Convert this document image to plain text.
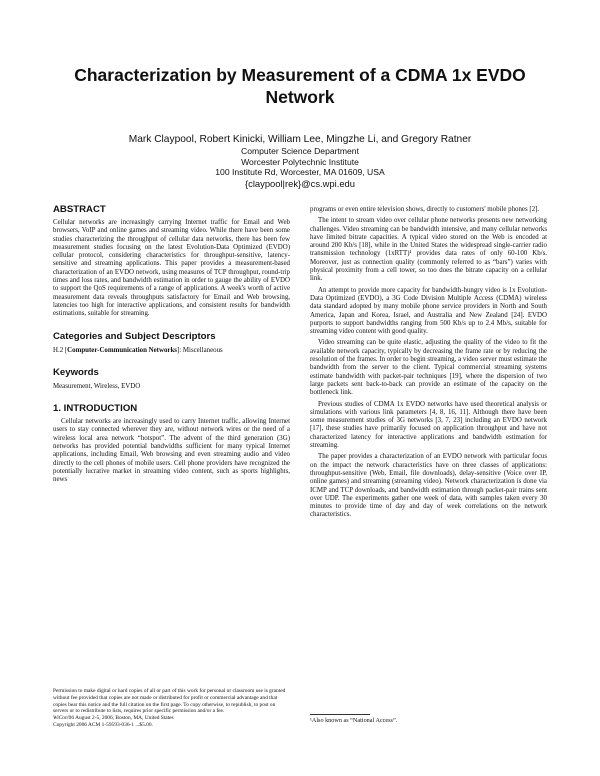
Characterization by Measurement of a CDMA 1x EVDO Network
Mark Claypool, Robert Kinicki, William Lee, Mingzhe Li, and Gregory Ratner
Computer Science Department
Worcester Polytechnic Institute
100 Institute Rd, Worcester, MA 01609, USA
{claypool|rek}@cs.wpi.edu
ABSTRACT

Cellular networks are increasingly carrying Internet traffic for Email and Web browsers, VoIP and online games and streaming video. While there have been some studies characterizing the throughput of cellular data networks, there has been few measurement studies focusing on the latest Evolution-Data Optimized (EVDO) cellular protocol, considering characteristics for throughput-sensitive, latency-sensitive and streaming applications. This paper provides a measurement-based characterization of an EVDO network, using measures of TCP throughput, round-trip times and loss rates, and bandwidth estimation in order to gauge the ability of EVDO to support the QoS requirements of a range of applications. A week's worth of active measurement data reveals throughputs satisfactory for Email and Web browsing, latencies too high for interactive applications, and consistent results for bandwidth estimations, suitable for streaming.

Categories and Subject Descriptors

H.2 [Computer-Communication Networks]: Miscellaneous

Keywords

Measurement, Wireless, EVDO

1. INTRODUCTION

Cellular networks are increasingly used to carry Internet traffic, allowing Internet users to stay connected wherever they are, without network wires or the need of a wireless local area network “hotspot”. The advent of the third generation (3G) networks has provided potential bandwidths sufficient for many typical Internet applications, including Email, Web browsing and even streaming audio and video directly to the cell phones of mobile users. Cell phone providers have recognized the potentially lucrative market in streaming video content, such as sports highlights, news

Permission to make digital or hard copies of all or part of this work for personal or classroom use is granted without fee provided that copies are not made or distributed for profit or commercial advantage and that copies bear this notice and the full citation on the first page. To copy otherwise, to republish, to post on servers or to redistribute to lists, requires prior specific permission and/or a fee.

WiCon'06 August 2-5, 2006, Boston, MA, United States

Copyright 2006 ACM 1-59593-036-1 ...$5.00.

programs or even entire television shows, directly to customers' mobile phones [2].

The intent to stream video over cellular phone networks presents new networking challenges. Video streaming can be bandwidth intensive, and many cellular networks have limited bitrate capacities. A typical video stored on the Web is encoded at around 200 Kb/s [18], while in the United States the widespread single-carrier radio transmission technology (1xRTT)¹ provides data rates of only 60-100 Kb/s. Moreover, just as connection quality (commonly referred to as “bars”) varies with physical proximity from a cell tower, so too does the bitrate capacity on a cellular link.

An attempt to provide more capacity for bandwidth-hungry video is 1x Evolution-Data Optimized (EVDO), a 3G Code Division Multiple Access (CDMA) wireless data standard adopted by many mobile phone service providers in North and South America, Japan and Korea, Israel, and Australia and New Zealand [24]. EVDO purports to support bandwidths ranging from 500 Kb/s up to 2.4 Mb/s, suitable for streaming video content with good quality.

Video streaming can be quite elastic, adjusting the quality of the video to fit the available network capacity, typically by decreasing the frame rate or by reducing the resolution of the frames. In order to begin streaming, a video server must estimate the bandwidth from the server to the client. Typical commercial streaming systems estimate bandwidth with packet-pair techniques [19], where the dispersion of two large packets sent back-to-back can provide an estimate of the capacity on the bottleneck link.

Previous studies of CDMA 1x EVDO networks have used theoretical analysis or simulations with various link parameters [4, 8, 16, 11]. Although there have been some measurement studies of 3G networks [3, 7, 23] including an EVDO network [17], these studies have primarily focused on application throughput and have not characterized latency for interactive applications and bandwidth estimation for streaming.

The paper provides a characterization of an EVDO network with particular focus on the impact the network characteristics have on three classes of applications: throughput-sensitive (Web, Email, file downloads), delay-sensitive (Voice over IP, online games) and streaming (streaming video). Network characterization is done via ICMP and TCP downloads, and bandwidth estimation through packet-pair trains sent over UDP. The experiments gather one week of data, with samples taken every 30 minutes to provide time of day and day of week correlations on the network characteristics.

¹Also known as “National Access”.
